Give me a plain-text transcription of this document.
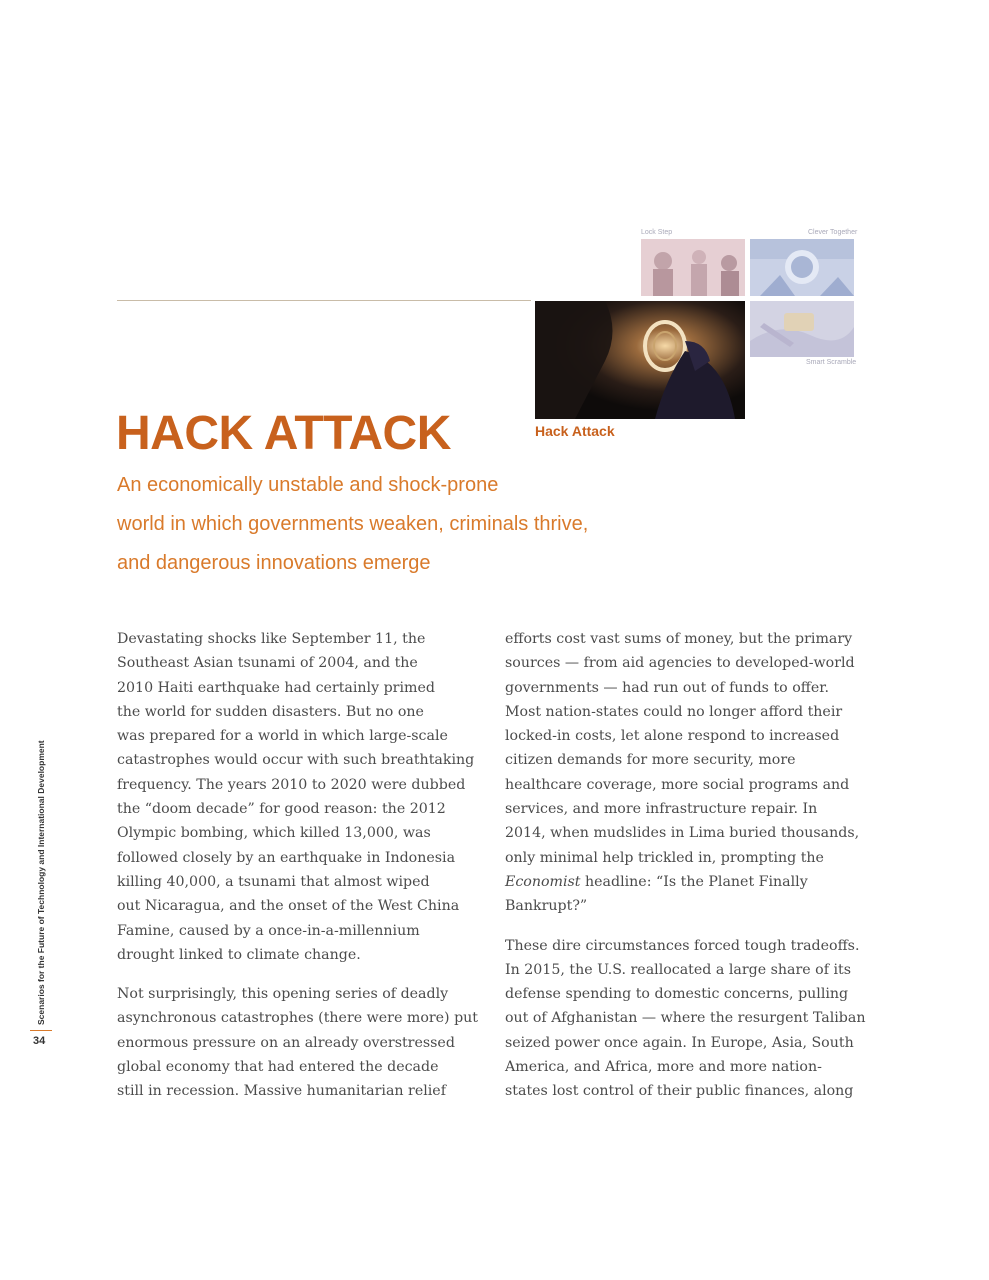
Lock Step	Clever Together
Smart Scramble
Hack Attack
HACK ATTACK
An economically unstable and shock-prone
world in which governments weaken, criminals thrive,
and dangerous innovations emerge
Devastating shocks like September 11, the
Southeast Asian tsunami of 2004, and the
2010 Haiti earthquake had certainly primed
the world for sudden disasters. But no one
was prepared for a world in which large-scale
catastrophes would occur with such breathtaking
frequency. The years 2010 to 2020 were dubbed
the “doom decade” for good reason: the 2012
Olympic bombing, which killed 13,000, was
followed closely by an earthquake in Indonesia
killing 40,000, a tsunami that almost wiped
out Nicaragua, and the onset of the West China
Famine, caused by a once-in-a-millennium
drought linked to climate change.
Not surprisingly, this opening series of deadly
asynchronous catastrophes (there were more) put
enormous pressure on an already overstressed
global economy that had entered the decade
still in recession. Massive humanitarian relief
efforts cost vast sums of money, but the primary
sources — from aid agencies to developed-world
governments — had run out of funds to offer.
Most nation-states could no longer afford their
locked-in costs, let alone respond to increased
citizen demands for more security, more
healthcare coverage, more social programs and
services, and more infrastructure repair. In
2014, when mudslides in Lima buried thousands,
only minimal help trickled in, prompting the
Economist headline: “Is the Planet Finally
Bankrupt?”
These dire circumstances forced tough tradeoffs.
In 2015, the U.S. reallocated a large share of its
defense spending to domestic concerns, pulling
out of Afghanistan — where the resurgent Taliban
seized power once again. In Europe, Asia, South
America, and Africa, more and more nation-
states lost control of their public finances, along
Scenarios for the Future of Technology and International Development
34
